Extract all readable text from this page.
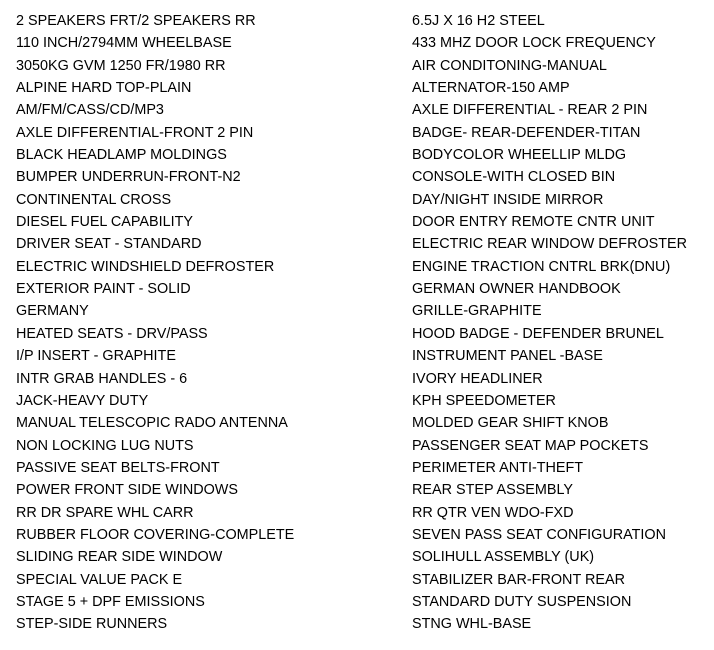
2 SPEAKERS FRT/2 SPEAKERS RR	6.5J X 16 H2 STEEL
110 INCH/2794MM WHEELBASE	433 MHZ DOOR LOCK FREQUENCY
3050KG GVM 1250 FR/1980 RR	AIR CONDITONING-MANUAL
ALPINE HARD TOP-PLAIN	ALTERNATOR-150 AMP
AM/FM/CASS/CD/MP3	AXLE DIFFERENTIAL - REAR 2 PIN
AXLE DIFFERENTIAL-FRONT 2 PIN	BADGE- REAR-DEFENDER-TITAN
BLACK HEADLAMP MOLDINGS	BODYCOLOR WHEELLIP MLDG
BUMPER UNDERRUN-FRONT-N2	CONSOLE-WITH CLOSED BIN
CONTINENTAL CROSS	DAY/NIGHT INSIDE MIRROR
DIESEL FUEL CAPABILITY	DOOR ENTRY REMOTE CNTR UNIT
DRIVER SEAT - STANDARD	ELECTRIC REAR WINDOW DEFROSTER
ELECTRIC WINDSHIELD DEFROSTER	ENGINE TRACTION CNTRL BRK(DNU)
EXTERIOR PAINT - SOLID	GERMAN OWNER HANDBOOK
GERMANY	GRILLE-GRAPHITE
HEATED SEATS - DRV/PASS	HOOD BADGE - DEFENDER BRUNEL
I/P INSERT - GRAPHITE	INSTRUMENT PANEL -BASE
INTR GRAB HANDLES - 6	IVORY HEADLINER
JACK-HEAVY DUTY	KPH SPEEDOMETER
MANUAL TELESCOPIC RADO ANTENNA	MOLDED GEAR SHIFT KNOB
NON LOCKING LUG NUTS	PASSENGER SEAT MAP POCKETS
PASSIVE SEAT BELTS-FRONT	PERIMETER ANTI-THEFT
POWER FRONT SIDE WINDOWS	REAR STEP ASSEMBLY
RR DR SPARE WHL CARR	RR QTR VEN WDO-FXD
RUBBER FLOOR COVERING-COMPLETE	SEVEN PASS SEAT CONFIGURATION
SLIDING REAR SIDE WINDOW	SOLIHULL ASSEMBLY (UK)
SPECIAL VALUE PACK E	STABILIZER BAR-FRONT REAR
STAGE 5 + DPF EMISSIONS	STANDARD DUTY SUSPENSION
STEP-SIDE RUNNERS	STNG WHL-BASE
